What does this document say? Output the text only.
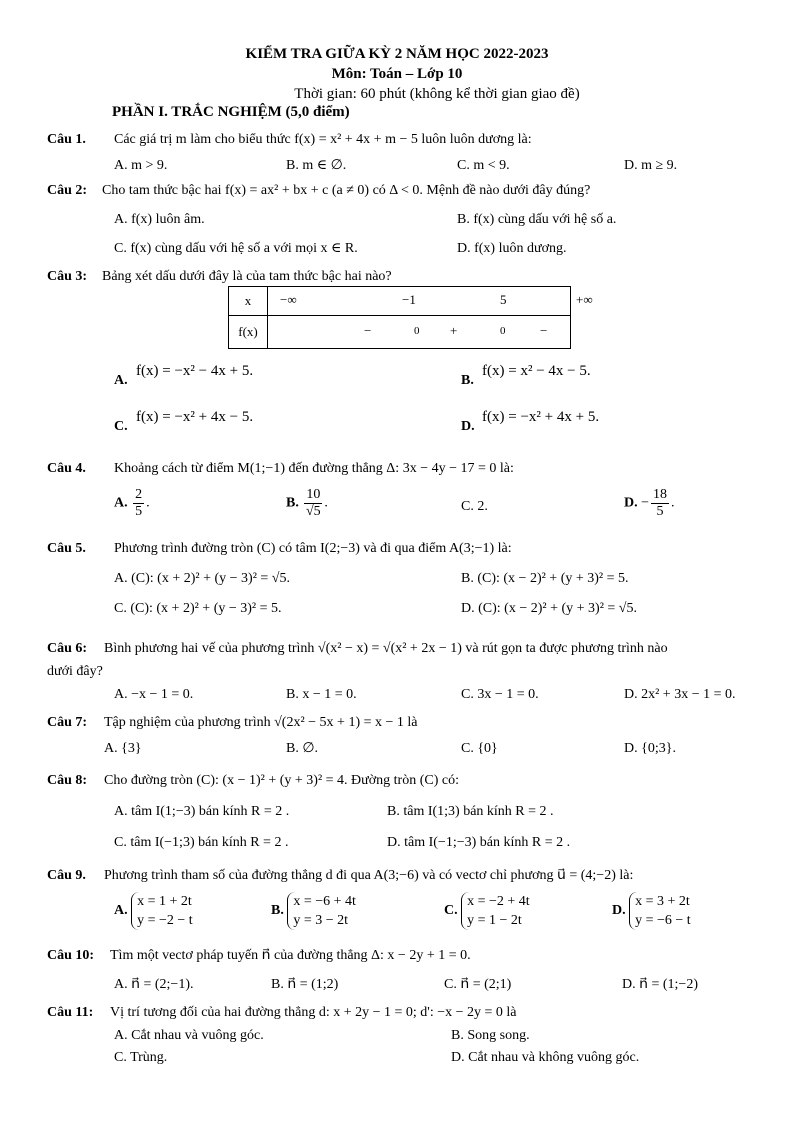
KIỂM TRA GIỮA KỲ 2 NĂM HỌC 2022-2023
Môn: Toán – Lớp 10
Thời gian: 60 phút (không kể thời gian giao đề)
PHẦN I. TRẮC NGHIỆM (5,0 điểm)
Câu 1. Các giá trị m làm cho biểu thức f(x) = x² + 4x + m − 5 luôn luôn dương là:
A. m > 9.	B. m ∈ ∅.	C. m < 9.	D. m ≥ 9.
Câu 2: Cho tam thức bậc hai f(x) = ax² + bx + c (a ≠ 0) có Δ < 0. Mệnh đề nào dưới đây đúng?
A. f(x) luôn âm.	B. f(x) cùng dấu với hệ số a.
C. f(x) cùng dấu với hệ số a với mọi x ∈ R.	D. f(x) luôn dương.
Câu 3: Bảng xét dấu dưới đây là của tam thức bậc hai nào?
x	−∞ −1 5 +∞

f(x)	− 0 + 0 −
A.
f(x) = −x² − 4x + 5.
B.
f(x) = x² − 4x − 5.
C.
f(x) = −x² + 4x − 5.
D.
f(x) = −x² + 4x + 5.
Câu 4. Khoảng cách từ điểm M(1;−1) đến đường thẳng Δ: 3x − 4y − 17 = 0 là:
A. $\frac{2}{5}$ .	B. $\frac{10}{√5}$ .	C. 2.	D. − $\frac{18}{5}$ .
Câu 5. Phương trình đường tròn (C) có tâm I(2;−3) và đi qua điểm A(3;−1) là:
A. (C): (x + 2)² + (y − 3)² = √5.	B. (C): (x − 2)² + (y + 3)² = 5.
C. (C): (x + 2)² + (y − 3)² = 5.	D. (C): (x − 2)² + (y + 3)² = √5.
Câu 6: Bình phương hai vế của phương trình √(x² − x) = √(x² + 2x − 1) và rút gọn ta được phương trình nào
dưới đây?
A. −x − 1 = 0.	B. x − 1 = 0.	C. 3x − 1 = 0.	D. 2x² + 3x − 1 = 0.
Câu 7: Tập nghiệm của phương trình √(2x² − 5x + 1) = x − 1 là
A. {3}	B. ∅.	C. {0}	D. {0;3}.
Câu 8: Cho đường tròn (C): (x − 1)² + (y + 3)² = 4. Đường tròn (C) có:
A. tâm I(1;−3) bán kính R = 2 .	B. tâm I(1;3) bán kính R = 2 .
C. tâm I(−1;3) bán kính R = 2 .	D. tâm I(−1;−3) bán kính R = 2 .
Câu 9. Phương trình tham số của đường thẳng d đi qua A(3;−6) và có vectơ chỉ phương u⃗ = (4;−2) là:
A. x = 1 + 2t
y = −2 − t
B. x = −6 + 4t
y = 3 − 2t
C. x = −2 + 4t
y = 1 − 2t
D. x = 3 + 2t
y = −6 − t
Câu 10: Tìm một vectơ pháp tuyến n⃗ của đường thẳng Δ: x − 2y + 1 = 0.
A. n⃗ = (2;−1).	B. n⃗ = (1;2)	C. n⃗ = (2;1)	D. n⃗ = (1;−2)
Câu 11: Vị trí tương đối của hai đường thẳng d: x + 2y − 1 = 0; d': −x − 2y = 0 là
A. Cắt nhau và vuông góc.	B. Song song.
C. Trùng.	D. Cắt nhau và không vuông góc.
